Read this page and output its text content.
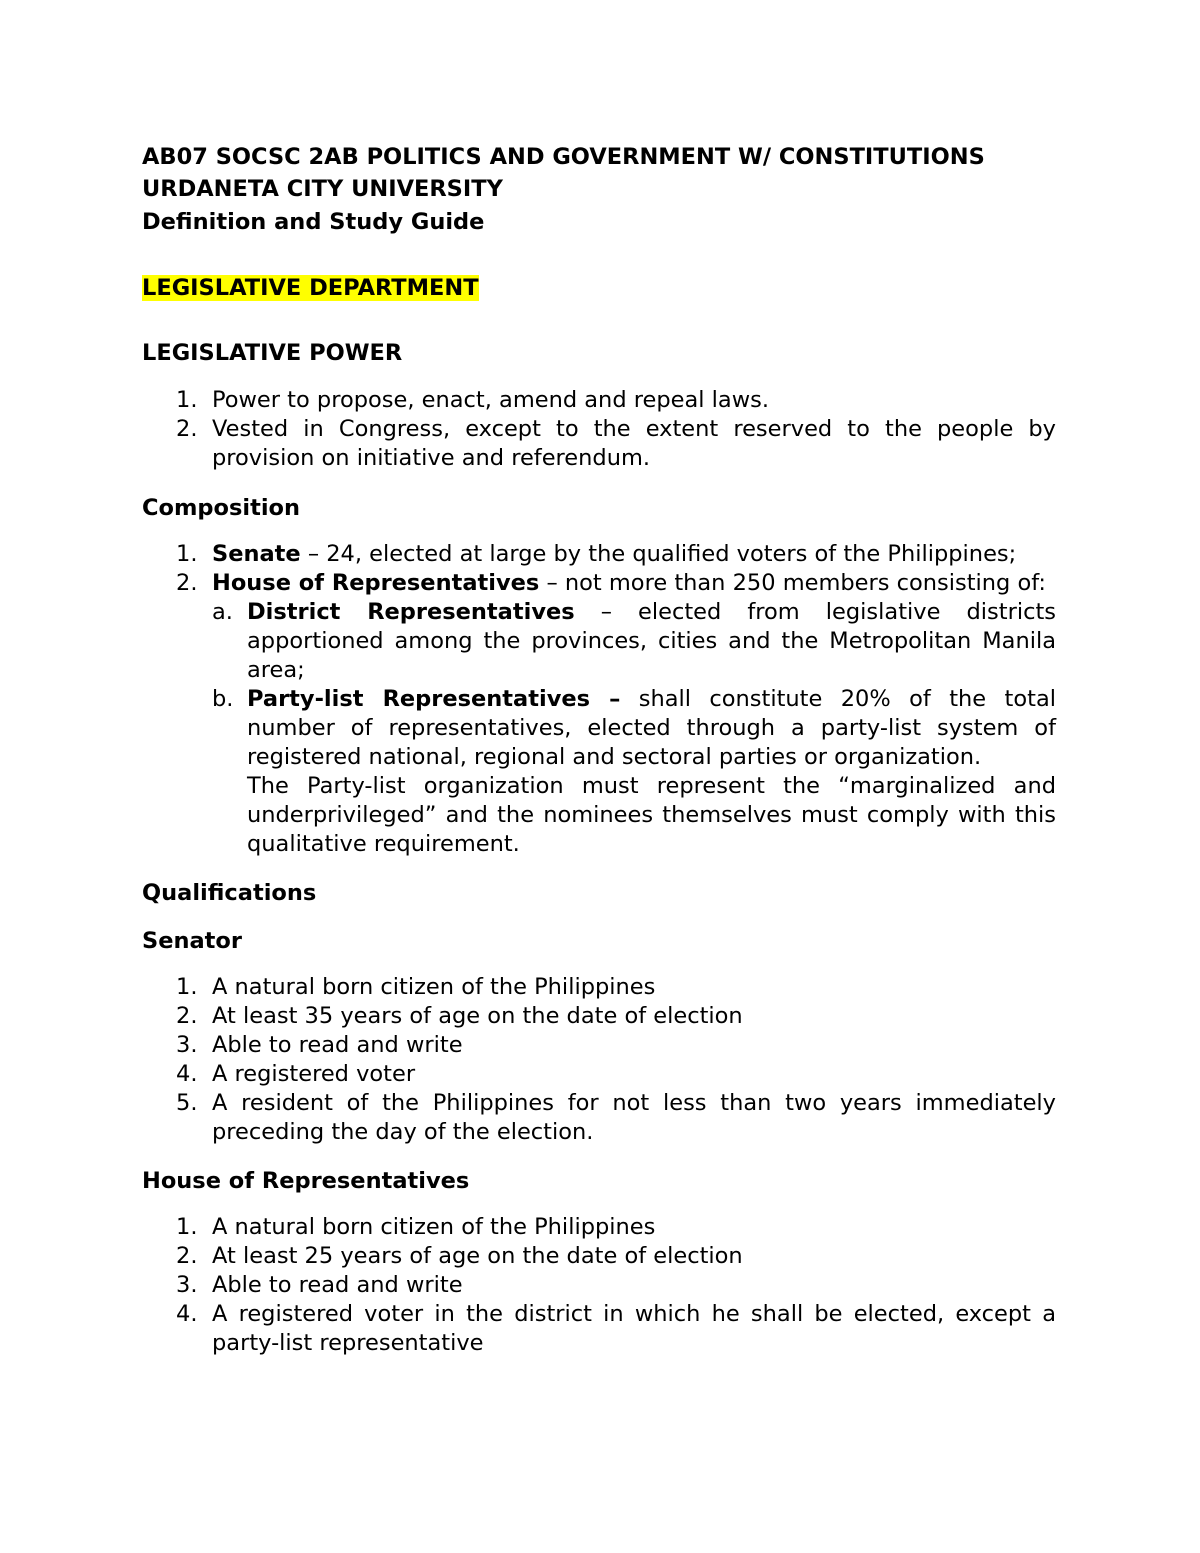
AB07 SOCSC 2AB POLITICS AND GOVERNMENT W/ CONSTITUTIONS
URDANETA CITY UNIVERSITY
Definition and Study Guide
LEGISLATIVE DEPARTMENT
LEGISLATIVE POWER
1. Power to propose, enact, amend and repeal laws.
2. Vested in Congress, except to the extent reserved to the people by provision on initiative and referendum.
Composition
1. Senate – 24, elected at large by the qualified voters of the Philippines;
2. House of Representatives – not more than 250 members consisting of:
a. District Representatives – elected from legislative districts apportioned among the provinces, cities and the Metropolitan Manila area;
b. Party-list Representatives – shall constitute 20% of the total number of representatives, elected through a party-list system of registered national, regional and sectoral parties or organization.
The Party-list organization must represent the “marginalized and underprivileged” and the nominees themselves must comply with this qualitative requirement.
Qualifications
Senator
1. A natural born citizen of the Philippines
2. At least 35 years of age on the date of election
3. Able to read and write
4. A registered voter
5. A resident of the Philippines for not less than two years immediately preceding the day of the election.
House of Representatives
1. A natural born citizen of the Philippines
2. At least 25 years of age on the date of election
3. Able to read and write
4. A registered voter in the district in which he shall be elected, except a party-list representative
